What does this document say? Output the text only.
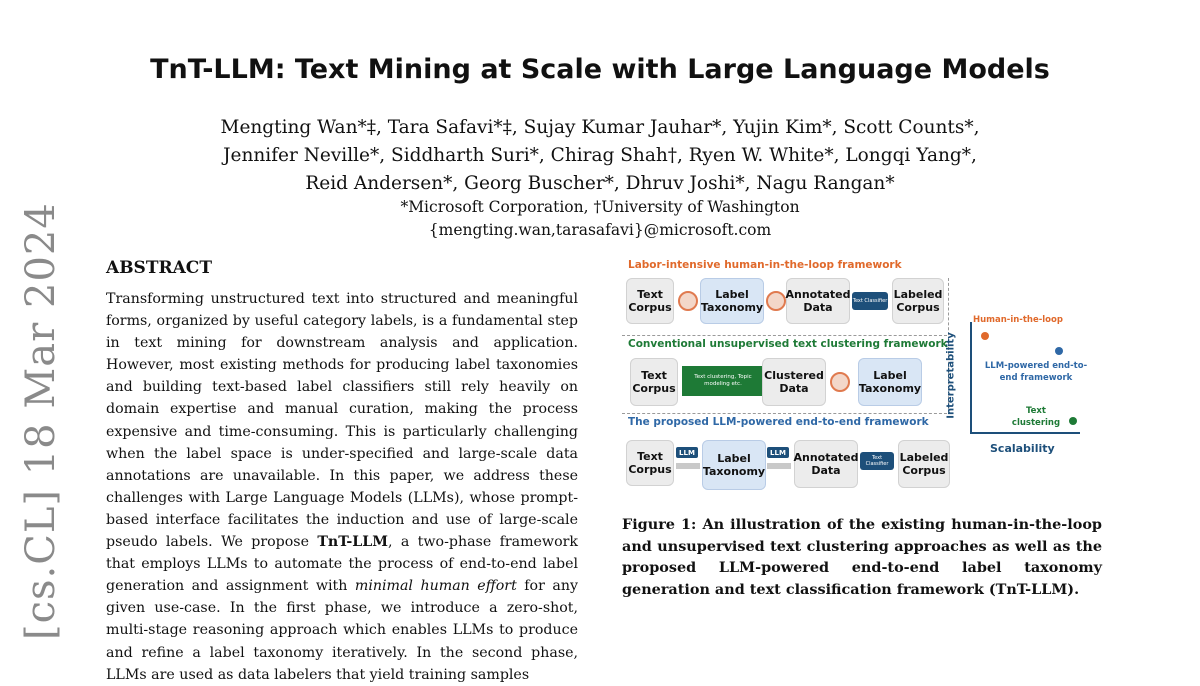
TnT-LLM: Text Mining at Scale with Large Language Models
Mengting Wan*‡, Tara Safavi*‡, Sujay Kumar Jauhar*, Yujin Kim*, Scott Counts*,
Jennifer Neville*, Siddharth Suri*, Chirag Shah†, Ryen W. White*, Longqi Yang*,
Reid Andersen*, Georg Buscher*, Dhruv Joshi*, Nagu Rangan*
*Microsoft Corporation, †University of Washington
{mengting.wan,tarasafavi}@microsoft.com
[cs.CL] 18 Mar 2024 ABSTRACT
Transforming unstructured text into structured and meaningful forms, organized by useful category labels, is a fundamental step in text mining for downstream analysis and application. However, most existing methods for producing label taxonomies and building text-based label classifiers still rely heavily on domain expertise and manual curation, making the process expensive and time-consuming. This is particularly challenging when the label space is under-specified and large-scale data annotations are unavailable. In this paper, we address these challenges with Large Language Models (LLMs), whose prompt-based interface facilitates the induction and use of large-scale pseudo labels. We propose TnT-LLM, a two-phase framework that employs LLMs to automate the process of end-to-end label generation and assignment with minimal human effort for any given use-case. In the first phase, we introduce a zero-shot, multi-stage reasoning approach which enables LLMs to produce and refine a label taxonomy iteratively. In the second phase, LLMs are used as data labelers that yield training samples
Labor-intensive human-in-the-loop framework
Text Corpus
Label Taxonomy
Annotated Data	Text Classifier Labeled Corpus
Conventional unsupervised text clustering framework
Text Corpus
Text clustering, Topic modeling etc.
Clustered Data
Label Taxonomy
The proposed LLM-powered end-to-end framework
Text Corpus
LLM	Label Taxonomy
LLM Annotated Data
Text Classifier	Labeled Corpus
Interpretability
Scalability
Human-in-the-loop
LLM-powered end-to-end framework
Text clustering
Figure 1: An illustration of the existing human-in-the-loop and unsupervised text clustering approaches as well as the proposed LLM-powered end-to-end label taxonomy generation and text classification framework (TnT-LLM).
